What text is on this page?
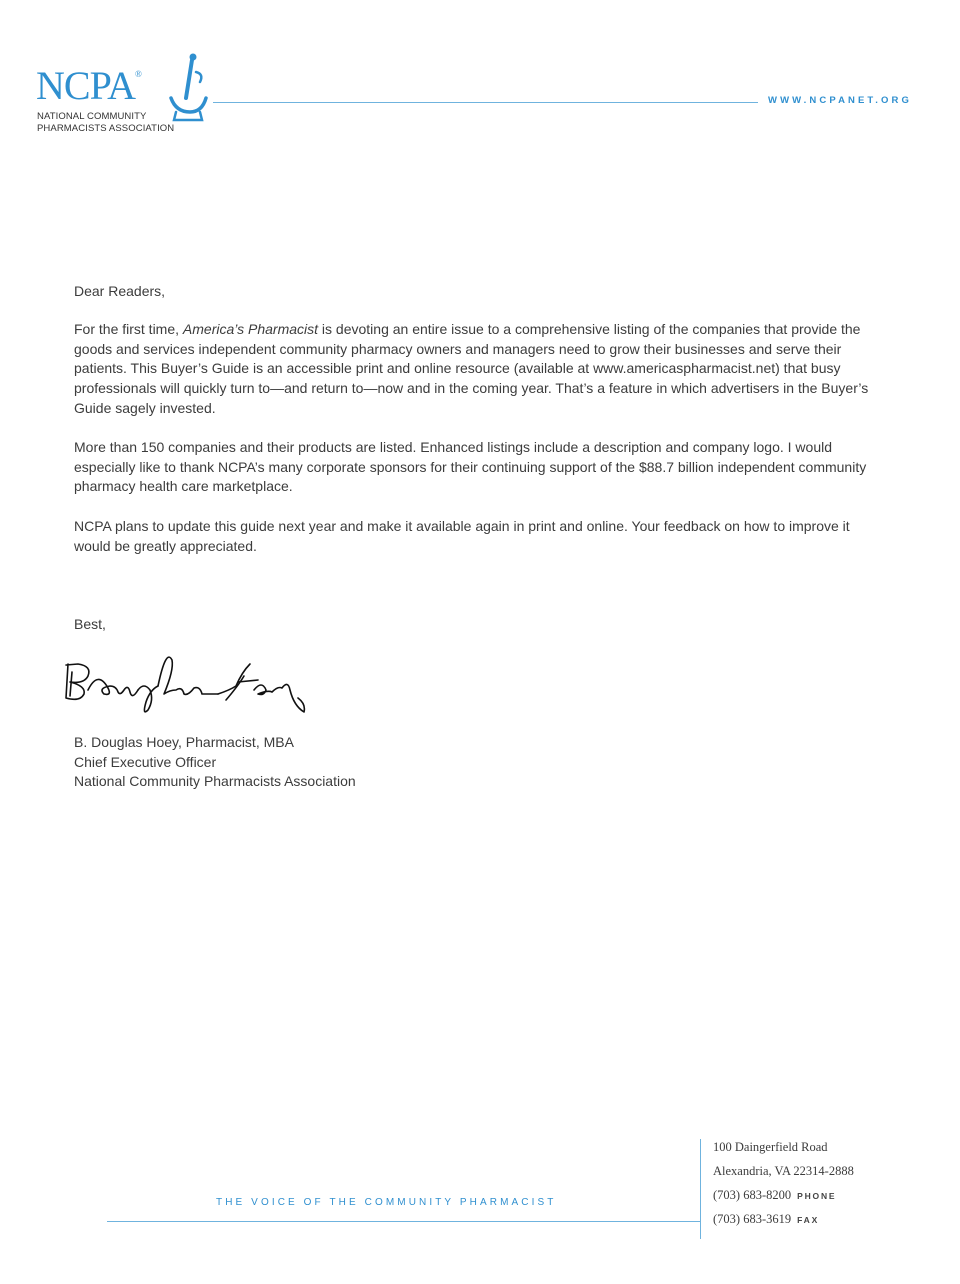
NCPA®
NATIONAL COMMUNITY
PHARMACISTS ASSOCIATION
WWW.NCPANET.ORG

Dear Readers,

For the first time, America’s Pharmacist is devoting an entire issue to a comprehensive listing of the companies that provide the goods and services independent community pharmacy owners and managers need to grow their businesses and serve their patients. This Buyer’s Guide is an accessible print and online resource (available at www.americaspharmacist.net) that busy professionals will quickly turn to—and return to—now and in the coming year. That’s a feature in which advertisers in the Buyer’s Guide sagely invested.

More than 150 companies and their products are listed. Enhanced listings include a description and company logo. I would especially like to thank NCPA’s many corporate sponsors for their continuing support of the $88.7 billion independent community pharmacy health care marketplace.

NCPA plans to update this guide next year and make it available again in print and online. Your feedback on how to improve it would be greatly appreciated.

Best,

B. Douglas Hoey, Pharmacist, MBA
Chief Executive Officer
National Community Pharmacists Association
THE VOICE OF THE COMMUNITY PHARMACIST
100 Daingerfield Road
Alexandria, VA 22314-2888
(703) 683-8200 PHONE
(703) 683-3619 FAX
